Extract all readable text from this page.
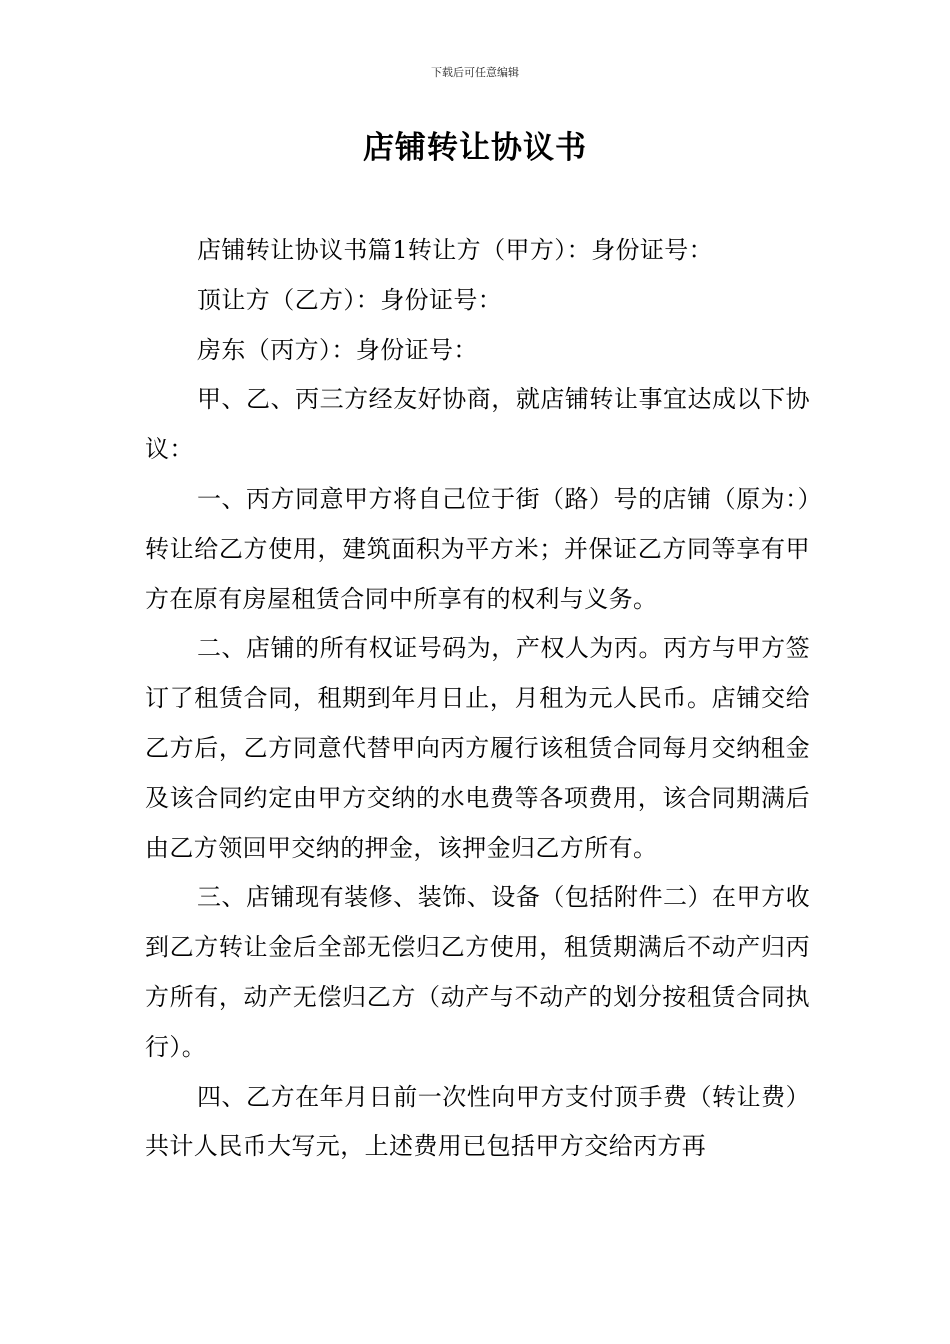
下载后可任意编辑
店铺转让协议书

店铺转让协议书篇1转让方（甲方）：身份证号：

顶让方（乙方）：身份证号：

房东（丙方）：身份证号：

甲、乙、丙三方经友好协商，就店铺转让事宜达成以下协议：

一、丙方同意甲方将自己位于街（路）号的店铺（原为：）转让给乙方使用，建筑面积为平方米；并保证乙方同等享有甲方在原有房屋租赁合同中所享有的权利与义务。

二、店铺的所有权证号码为，产权人为丙。丙方与甲方签订了租赁合同，租期到年月日止，月租为元人民币。店铺交给乙方后，乙方同意代替甲向丙方履行该租赁合同每月交纳租金及该合同约定由甲方交纳的水电费等各项费用，该合同期满后由乙方领回甲交纳的押金，该押金归乙方所有。

三、店铺现有装修、装饰、设备（包括附件二）在甲方收到乙方转让金后全部无偿归乙方使用，租赁期满后不动产归丙方所有，动产无偿归乙方（动产与不动产的划分按租赁合同执行）。

四、乙方在年月日前一次性向甲方支付顶手费（转让费）共计人民币大写元，上述费用已包括甲方交给丙方再
